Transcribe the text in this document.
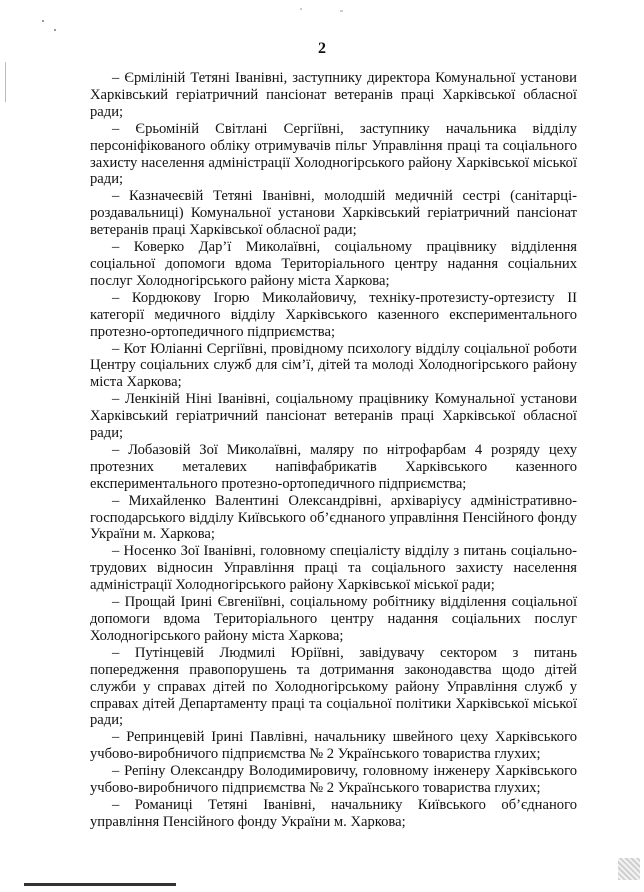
2

– Єрміліній Тетяні Іванівні, заступнику директора Комунальної установи Харківський геріатричний пансіонат ветеранів праці Харківської обласної ради;

– Єрьоміній Світлані Сергіївні, заступнику начальника відділу персоніфікованого обліку отримувачів пільг Управління праці та соціального захисту населення адміністрації Холодногірського району Харківської міської ради;

– Казначеєвій Тетяні Іванівні, молодшій медичній сестрі (санітарці-роздавальниці) Комунальної установи Харківський геріатричний пансіонат ветеранів праці Харківської обласної ради;

– Коверко Дар’ї Миколаївні, соціальному працівнику відділення соціальної допомоги вдома Територіального центру надання соціальних послуг Холодногірського району міста Харкова;

– Кордюкову Ігорю Миколайовичу, техніку-протезисту-ортезисту ІІ категорії медичного відділу Харківського казенного експериментального протезно-ортопедичного підприємства;

– Кот Юліанні Сергіївні, провідному психологу відділу соціальної роботи Центру соціальних служб для сім’ї, дітей та молоді Холодногірського району міста Харкова;

– Ленкіній Ніні Іванівні, соціальному працівнику Комунальної установи Харківський геріатричний пансіонат ветеранів праці Харківської обласної ради;

– Лобазовій Зої Миколаївні, маляру по нітрофарбам 4 розряду цеху протезних металевих напівфабрикатів Харківського казенного експериментального протезно-ортопедичного підприємства;

– Михайленко Валентині Олександрівні, архіваріусу адміністративно-господарського відділу Київського об’єднаного управління Пенсійного фонду України м. Харкова;

– Носенко Зої Іванівні, головному спеціалісту відділу з питань соціально-трудових відносин Управління праці та соціального захисту населення адміністрації Холодногірського району Харківської міської ради;

– Прощай Ірині Євгеніївні, соціальному робітнику відділення соціальної допомоги вдома Територіального центру надання соціальних послуг Холодногірського району міста Харкова;

– Путінцевій Людмилі Юріївні, завідувачу сектором з питань попередження правопорушень та дотримання законодавства щодо дітей служби у справах дітей по Холодногірському району Управління служб у справах дітей Департаменту праці та соціальної політики Харківської міської ради;

– Репринцевій Ірині Павлівні, начальнику швейного цеху Харківського учбово-виробничого підприємства № 2 Українського товариства глухих;

– Репіну Олександру Володимировичу, головному інженеру Харківського учбово-виробничого підприємства № 2 Українського товариства глухих;

– Романиці Тетяні Іванівні, начальнику Київського об’єднаного управління Пенсійного фонду України м. Харкова;
